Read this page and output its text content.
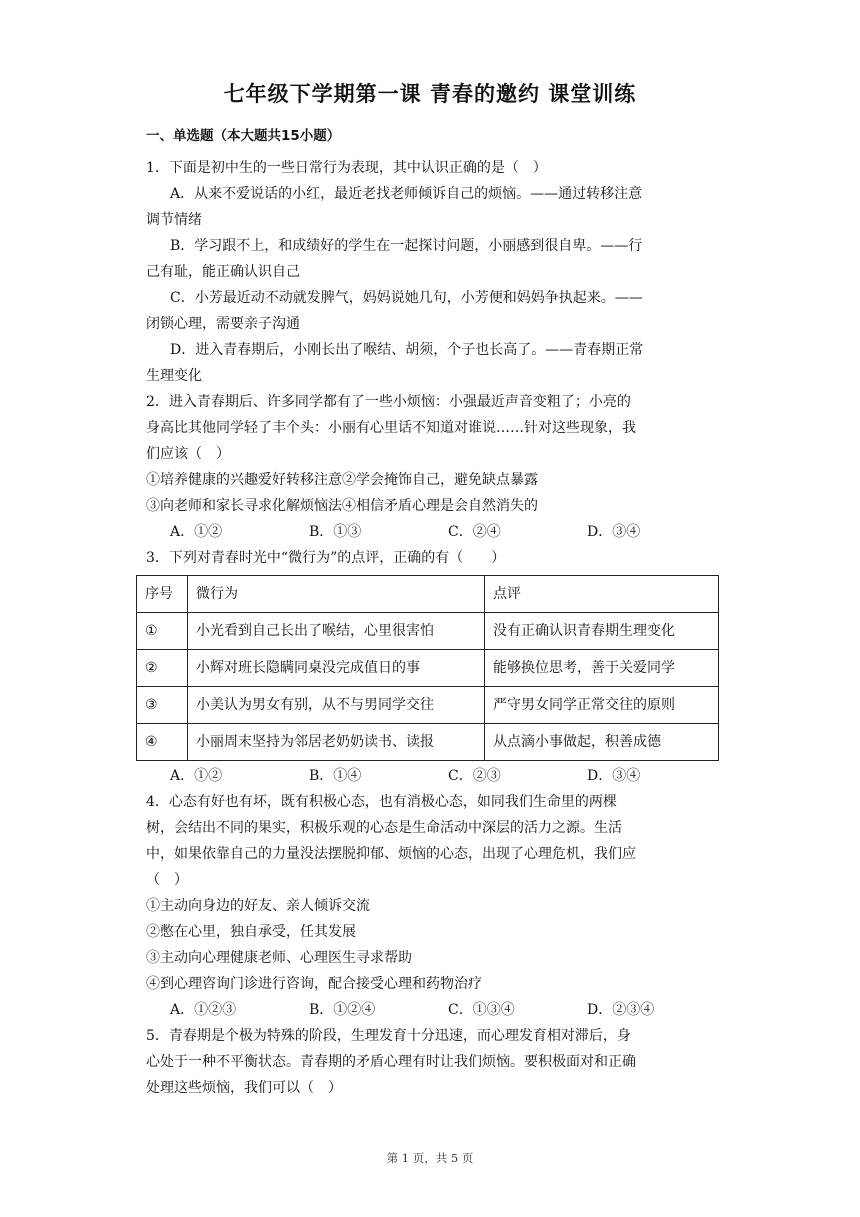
七年级下学期第一课 青春的邀约 课堂训练
一、单选题（本大题共15小题）

1．下面是初中生的一些日常行为表现，其中认识正确的是（　）

A．从来不爱说话的小红，最近老找老师倾诉自己的烦恼。——通过转移注意

调节情绪

B．学习跟不上，和成绩好的学生在一起探讨问题，小丽感到很自卑。——行

己有耻，能正确认识自己

C．小芳最近动不动就发脾气，妈妈说她几句，小芳便和妈妈争执起来。——

闭锁心理，需要亲子沟通

D．进入青春期后，小刚长出了喉结、胡须，个子也长高了。——青春期正常

生理变化

2．进入青春期后、许多同学都有了一些小烦恼：小强最近声音变粗了；小亮的

身高比其他同学轻了丰个头：小丽有心里话不知道对谁说……针对这些现象，我

们应该（　）

①培养健康的兴趣爱好转移注意②学会掩饰自己，避免缺点暴露

③向老师和家长寻求化解烦恼法④相信矛盾心理是会自然消失的

A．①②	B．①③	C．②④	D．③④

3．下列对青春时光中“微行为”的点评，正确的有（　　）

序号	微行为	点评
①	小光看到自己长出了喉结，心里很害怕	没有正确认识青春期生理变化
②	小辉对班长隐瞒同桌没完成值日的事	能够换位思考，善于关爱同学
③	小美认为男女有别，从不与男同学交往	严守男女同学正常交往的原则
④	小丽周末坚持为邻居老奶奶读书、读报	从点滴小事做起，积善成德

A．①②	B．①④	C．②③	D．③④

4．心态有好也有坏，既有积极心态，也有消极心态，如同我们生命里的两棵

树，会结出不同的果实，积极乐观的心态是生命活动中深层的活力之源。生活

中，如果依靠自己的力量没法摆脱抑郁、烦恼的心态，出现了心理危机，我们应

（　）

①主动向身边的好友、亲人倾诉交流

②憋在心里，独自承受，任其发展

③主动向心理健康老师、心理医生寻求帮助

④到心理咨询门诊进行咨询，配合接受心理和药物治疗

A．①②③	B．①②④	C．①③④	D．②③④

5．青春期是个极为特殊的阶段，生理发育十分迅速，而心理发育相对滞后，身

心处于一种不平衡状态。青春期的矛盾心理有时让我们烦恼。要积极面对和正确

处理这些烦恼，我们可以（　）

第 1 页，共 5 页
